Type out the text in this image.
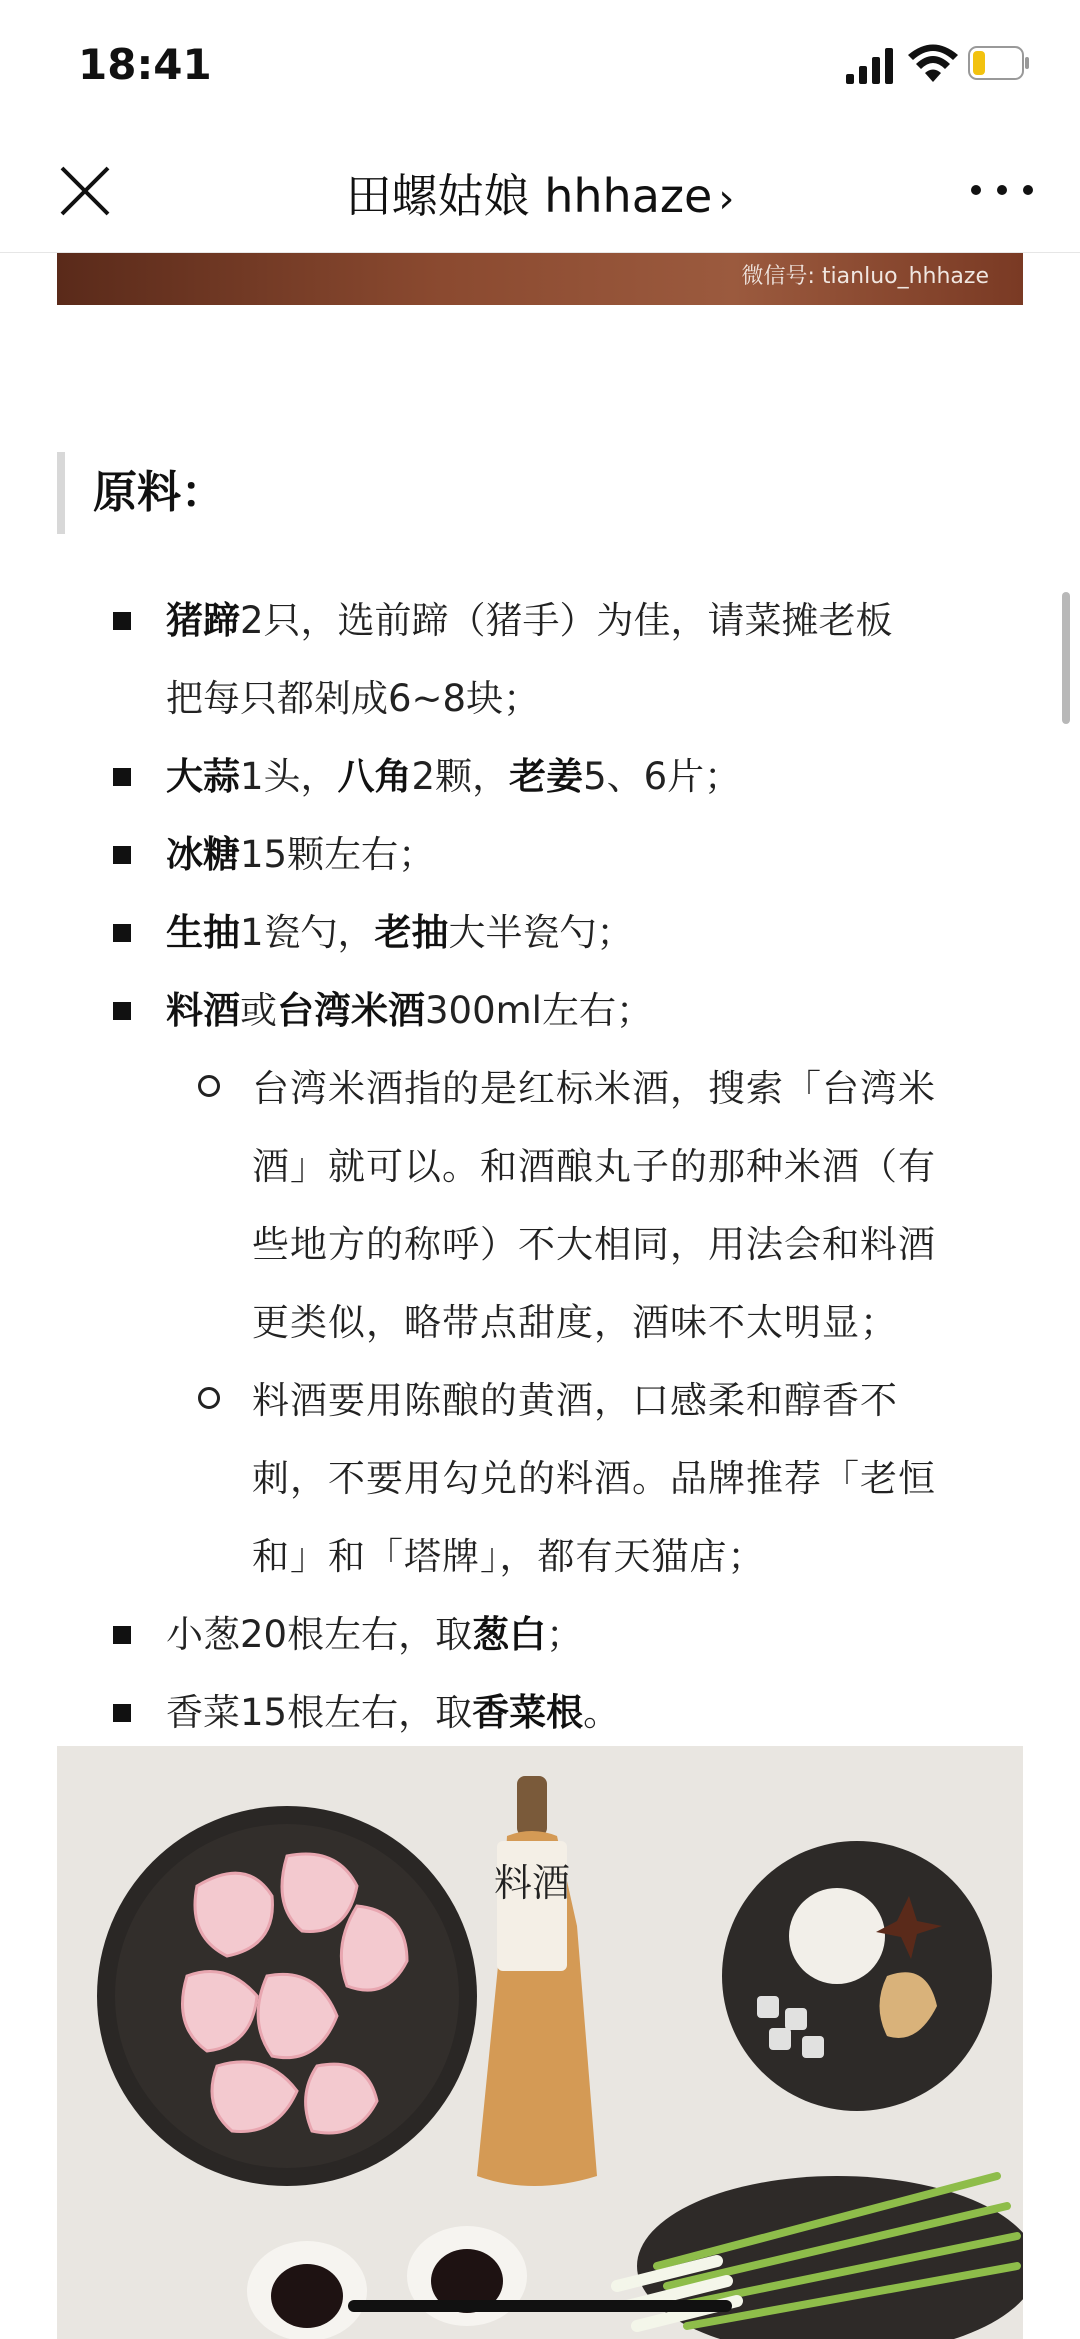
18:41
田螺姑娘 hhhaze ›
微信号: tianluo_hhhaze
原料：
猪蹄2只，选前蹄（猪手）为佳，请菜摊老板
把每只都剁成6~8块；
大蒜1头，八角2颗，老姜5、6片；
冰糖15颗左右；
生抽1瓷勺，老抽大半瓷勺；
料酒或台湾米酒300ml左右；
台湾米酒指的是红标米酒，搜索「台湾米
酒」就可以。和酒酿丸子的那种米酒（有
些地方的称呼）不大相同，用法会和料酒
更类似，略带点甜度，酒味不太明显；
料酒要用陈酿的黄酒，口感柔和醇香不
刺，不要用勾兑的料酒。品牌推荐「老恒
和」和「塔牌」，都有天猫店；
小葱20根左右，取葱白；
香菜15根左右，取香菜根。
料酒
